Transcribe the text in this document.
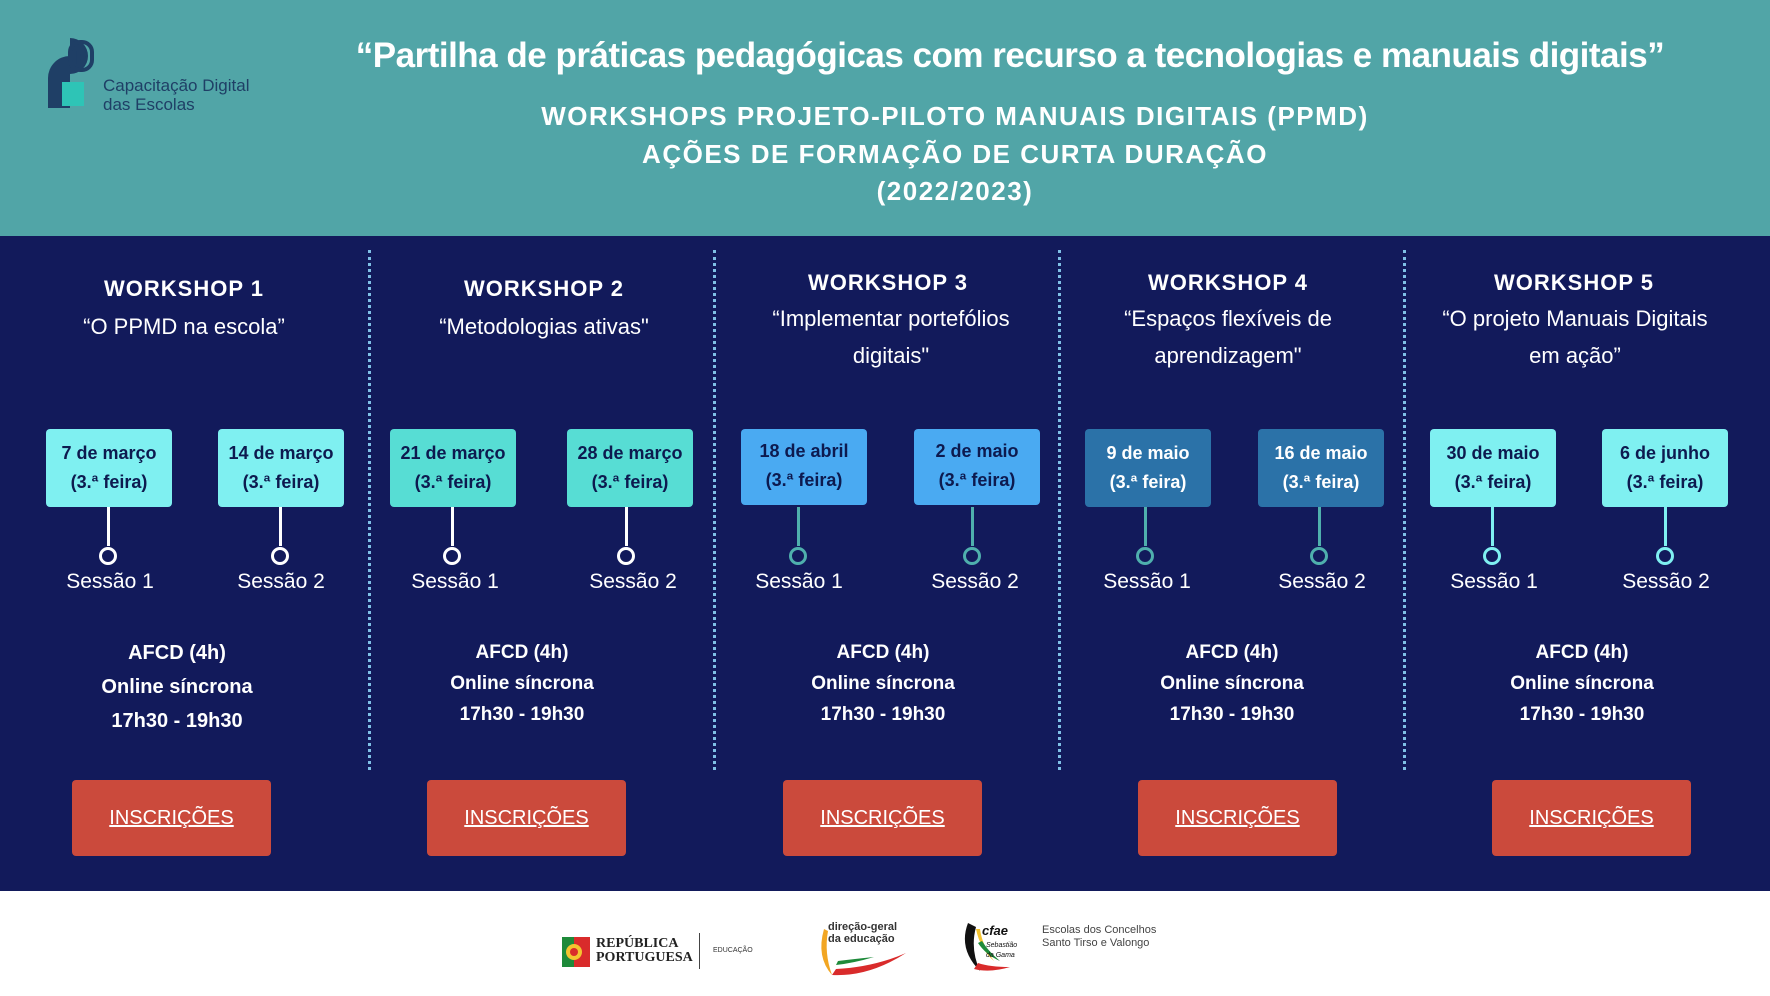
E
Capacitação Digital
das Escolas
“Partilha de práticas pedagógicas com recurso a tecnologias e manuais digitais”
WORKSHOPS PROJETO-PILOTO MANUAIS DIGITAIS (PPMD)
AÇÕES DE FORMAÇÃO DE CURTA DURAÇÃO
(2022/2023)
WORKSHOP 1
“O PPMD na escola”
7 de março
(3.ª feira)
14 de março
(3.ª feira)
Sessão 1	Sessão 2
AFCD (4h)
Online síncrona
17h30 - 19h30
INSCRIÇÕES
WORKSHOP 2
“Metodologias ativas"
21 de março
(3.ª feira)
28 de março
(3.ª feira)
Sessão 1	Sessão 2
AFCD (4h)
Online síncrona
17h30 - 19h30
INSCRIÇÕES
WORKSHOP 3
“Implementar portefólios digitais"
18 de abril
(3.ª feira)
2 de maio
(3.ª feira)
Sessão 1	Sessão 2
AFCD (4h)
Online síncrona
17h30 - 19h30
INSCRIÇÕES
WORKSHOP 4
“Espaços flexíveis de aprendizagem"
9 de maio
(3.ª feira)
16 de maio
(3.ª feira)
Sessão 1	Sessão 2
AFCD (4h)
Online síncrona
17h30 - 19h30
INSCRIÇÕES
WORKSHOP 5
“O projeto Manuais Digitais em ação”
30 de maio
(3.ª feira)
6 de junho
(3.ª feira)
Sessão 1	Sessão 2
AFCD (4h)
Online síncrona
17h30 - 19h30
INSCRIÇÕES
REPÚBLICA
PORTUGUESA	EDUCAÇÃO
direção-geral
da educação
cfae
Sebastião
da Gama
Escolas dos Concelhos
Santo Tirso e Valongo
